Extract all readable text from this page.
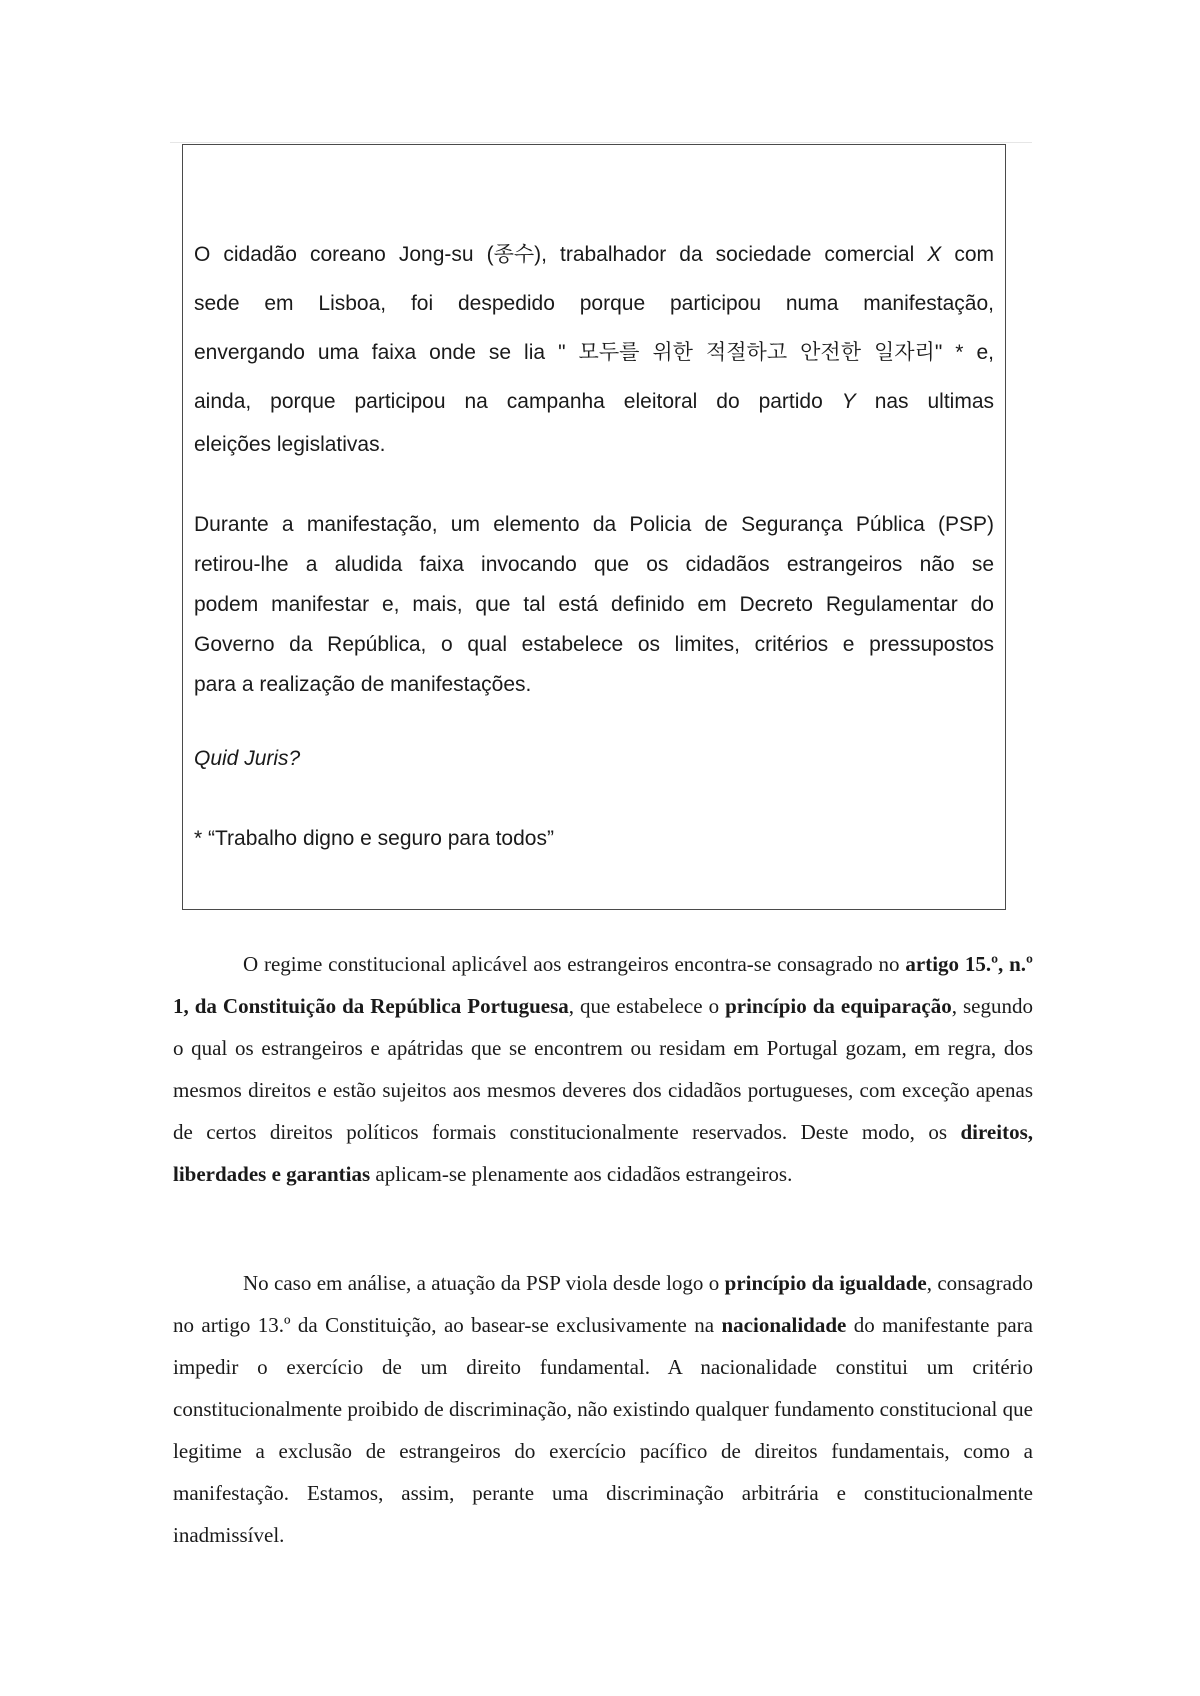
O cidadão coreano Jong-su (종수), trabalhador da sociedade comercial X com
sede em Lisboa, foi despedido porque participou numa manifestação,
envergando uma faixa onde se lia " 모두를 위한 적절하고 안전한 일자리" * e,
ainda, porque participou na campanha eleitoral do partido Y nas ultimas
eleições legislativas.
Durante a manifestação, um elemento da Policia de Segurança Pública (PSP)
retirou-lhe a aludida faixa invocando que os cidadãos estrangeiros não se
podem manifestar e, mais, que tal está definido em Decreto Regulamentar do
Governo da República, o qual estabelece os limites, critérios e pressupostos
para a realização de manifestações.
Quid Juris?
* “Trabalho digno e seguro para todos”
O regime constitucional aplicável aos estrangeiros encontra-se consagrado no artigo 15.º, n.º 1, da Constituição da República Portuguesa, que estabelece o princípio da equiparação, segundo o qual os estrangeiros e apátridas que se encontrem ou residam em Portugal gozam, em regra, dos mesmos direitos e estão sujeitos aos mesmos deveres dos cidadãos portugueses, com exceção apenas de certos direitos políticos formais constitucionalmente reservados. Deste modo, os direitos, liberdades e garantias aplicam-se plenamente aos cidadãos estrangeiros.
No caso em análise, a atuação da PSP viola desde logo o princípio da igualdade, consagrado no artigo 13.º da Constituição, ao basear-se exclusivamente na nacionalidade do manifestante para impedir o exercício de um direito fundamental. A nacionalidade constitui um critério constitucionalmente proibido de discriminação, não existindo qualquer fundamento constitucional que legitime a exclusão de estrangeiros do exercício pacífico de direitos fundamentais, como a manifestação. Estamos, assim, perante uma discriminação arbitrária e constitucionalmente inadmissível.
